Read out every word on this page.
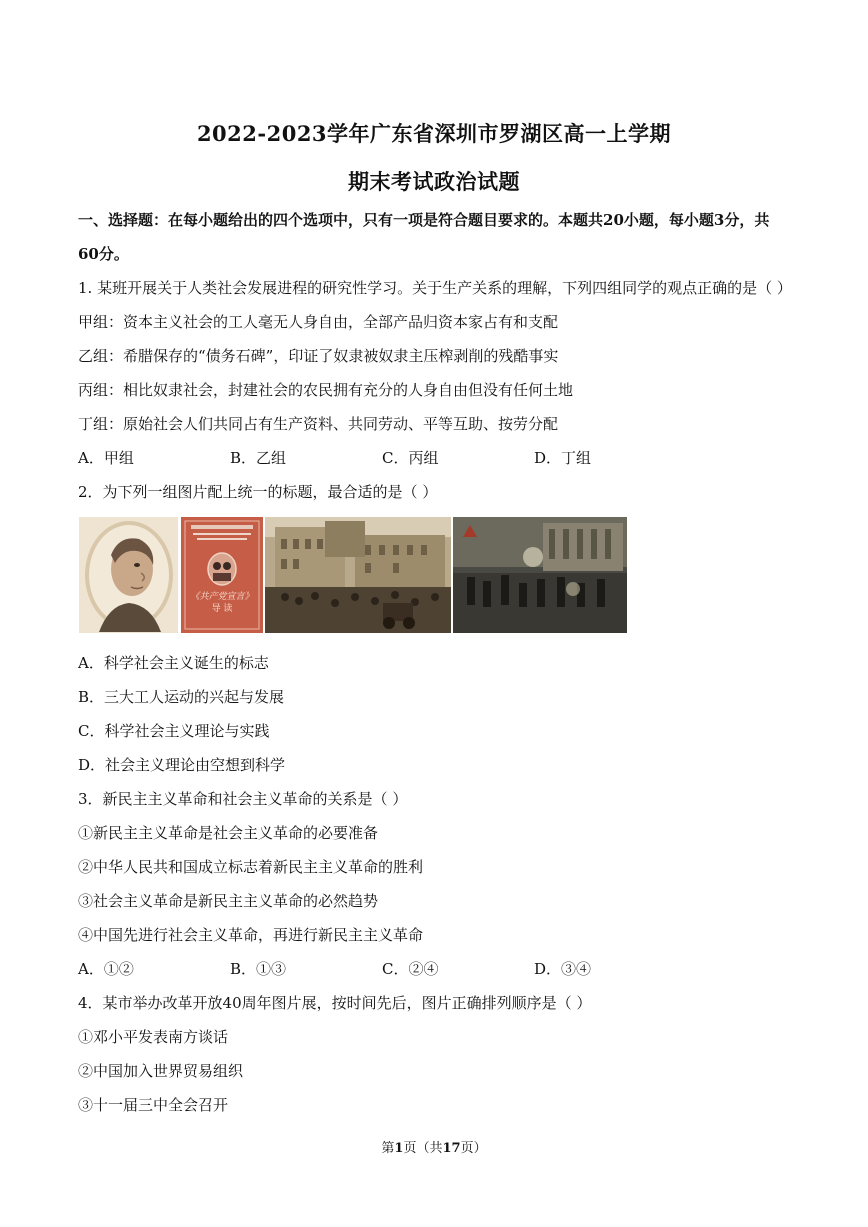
2022-2023学年广东省深圳市罗湖区高一上学期
期末考试政治试题
一、选择题：在每小题给出的四个选项中，只有一项是符合题目要求的。本题共20小题，每小题3分，共
60分。
1. 某班开展关于人类社会发展进程的研究性学习。关于生产关系的理解，下列四组同学的观点正确的是（ ）
甲组：资本主义社会的工人毫无人身自由，全部产品归资本家占有和支配
乙组：希腊保存的“债务石碑”，印证了奴隶被奴隶主压榨剥削的残酷事实
丙组：相比奴隶社会，封建社会的农民拥有充分的人身自由但没有任何土地
丁组：原始社会人们共同占有生产资料、共同劳动、平等互助、按劳分配
A．甲组	B．乙组	C．丙组	D．丁组
2．为下列一组图片配上统一的标题，最合适的是（ ）
《共产党宣言》
导 读
A．科学社会主义诞生的标志
B．三大工人运动的兴起与发展
C．科学社会主义理论与实践
D．社会主义理论由空想到科学
3．新民主主义革命和社会主义革命的关系是（ ）
①新民主主义革命是社会主义革命的必要准备
②中华人民共和国成立标志着新民主主义革命的胜利
③社会主义革命是新民主主义革命的必然趋势
④中国先进行社会主义革命，再进行新民主主义革命
A．①②	B．①③	C．②④	D．③④
4．某市举办改革开放40周年图片展，按时间先后，图片正确排列顺序是（ ）
①邓小平发表南方谈话
②中国加入世界贸易组织
③十一届三中全会召开
第1页（共17页）
